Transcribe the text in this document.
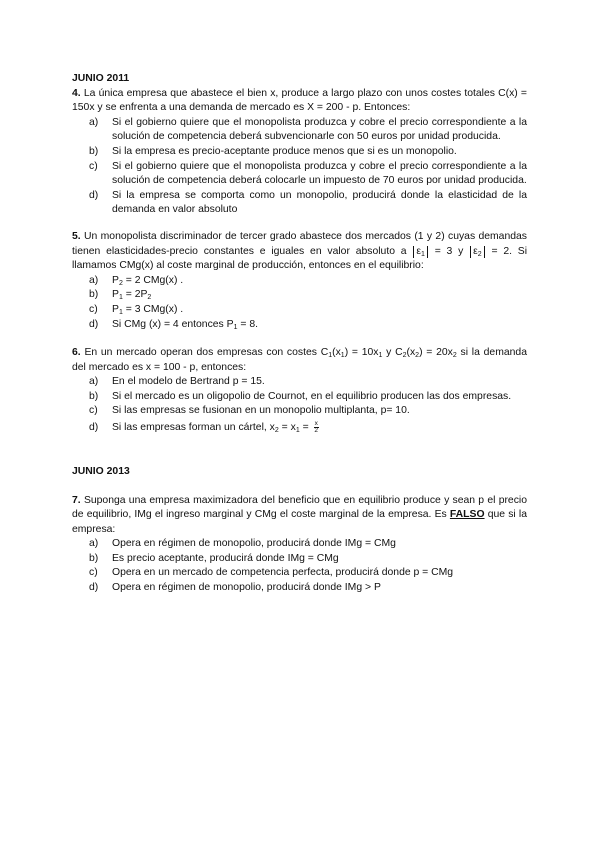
JUNIO 2011

4. La única empresa que abastece el bien x, produce a largo plazo con unos costes totales C(x) = 150x y se enfrenta a una demanda de mercado es X = 200 - p. Entonces:

a) Si el gobierno quiere que el monopolista produzca y cobre el precio correspondiente a la solución de competencia deberá subvencionarle con 50 euros por unidad producida.
b) Si la empresa es precio-aceptante produce menos que si es un monopolio.
c) Si el gobierno quiere que el monopolista produzca y cobre el precio correspondiente a la solución de competencia deberá colocarle un impuesto de 70 euros por unidad producida.
d) Si la empresa se comporta como un monopolio, producirá donde la elasticidad de la demanda en valor absoluto

5. Un monopolista discriminador de tercer grado abastece dos mercados (1 y 2) cuyas demandas tienen elasticidades-precio constantes e iguales en valor absoluto a $\varepsilon_1 = 3$ y $\varepsilon_2 = 2$. Si llamamos CMg(x) al coste marginal de producción, entonces en el equilibrio:

a) $P_2 = 2$ CMg(x) .
b) $P_1 = 2P_2$
c) $P_1 = 3$ CMg(x) .
d) Si CMg (x) = 4 entonces $P_1 = 8$.

6. En un mercado operan dos empresas con costes $C_1(x_1) = 10x_1$ y $C_2(x_2) = 20x_2$ si la demanda del mercado es x = 100 - p, entonces:

a) En el modelo de Bertrand p = 15.
b) Si el mercado es un oligopolio de Cournot, en el equilibrio producen las dos empresas.
c) Si las empresas se fusionan en un monopolio multiplanta, p= 10.
d) Si las empresas forman un cártel, $x_2 = x_1 = \frac{x}{2}$

JUNIO 2013

7. Suponga una empresa maximizadora del beneficio que en equilibrio produce y sean p el precio de equilibrio, IMg el ingreso marginal y CMg el coste marginal de la empresa. Es FALSO que si la empresa:

a) Opera en régimen de monopolio, producirá donde IMg = CMg
b) Es precio aceptante, producirá donde IMg = CMg
c) Opera en un mercado de competencia perfecta, producirá donde p = CMg
d) Opera en régimen de monopolio, producirá donde IMg > P
